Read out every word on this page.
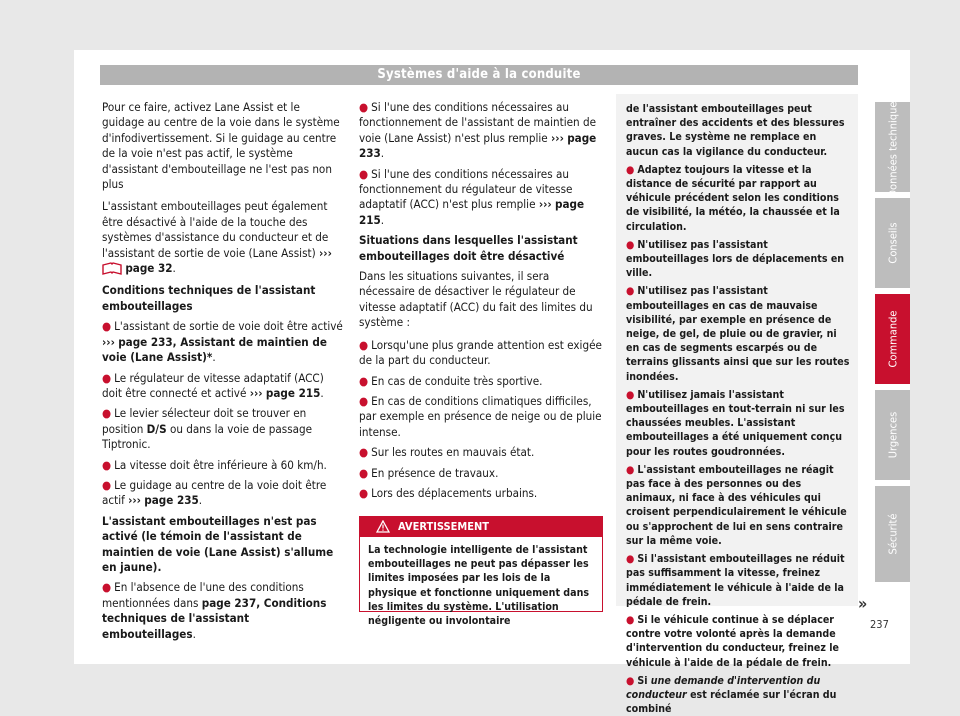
Systèmes d'aide à la conduite

Pour ce faire, activez Lane Assist et le guidage au centre de la voie dans le système d'infodivertissement. Si le guidage au centre de la voie n'est pas actif, le système d'assistant d'embouteillage ne l'est pas non plus

L'assistant embouteillages peut également être désactivé à l'aide de la touche des systèmes d'assistance du conducteur et de l'assistant de sortie de voie (Lane Assist) ›››  page 32.

Conditions techniques de l'assistant embouteillages
● L'assistant de sortie de voie doit être activé ››› page 233, Assistant de maintien de voie (Lane Assist)*.
● Le régulateur de vitesse adaptatif (ACC) doit être connecté et activé ››› page 215.
● Le levier sélecteur doit se trouver en position D/S ou dans la voie de passage Tiptronic.
● La vitesse doit être inférieure à 60 km/h.
● Le guidage au centre de la voie doit être actif ››› page 235.
L'assistant embouteillages n'est pas activé (le témoin de l'assistant de maintien de voie (Lane Assist) s'allume en jaune).
● En l'absence de l'une des conditions mentionnées dans page 237, Conditions techniques de l'assistant embouteillages.
● Si l'une des conditions nécessaires au fonctionnement de l'assistant de maintien de voie (Lane Assist) n'est plus remplie ››› page 233.
● Si l'une des conditions nécessaires au fonctionnement du régulateur de vitesse adaptatif (ACC) n'est plus remplie ››› page 215.
Situations dans lesquelles l'assistant embouteillages doit être désactivé

Dans les situations suivantes, il sera nécessaire de désactiver le régulateur de vitesse adaptatif (ACC) du fait des limites du système :

● Lorsqu'une plus grande attention est exigée de la part du conducteur.
● En cas de conduite très sportive.
● En cas de conditions climatiques difficiles, par exemple en présence de neige ou de pluie intense.
● Sur les routes en mauvais état.
● En présence de travaux.
● Lors des déplacements urbains.
AVERTISSEMENT
La technologie intelligente de l'assistant embouteillages ne peut pas dépasser les limites imposées par les lois de la physique et fonctionne uniquement dans les limites du système. L'utilisation négligente ou involontaire
de l'assistant embouteillages peut entraîner des accidents et des blessures graves. Le système ne remplace en aucun cas la vigilance du conducteur.
● Adaptez toujours la vitesse et la distance de sécurité par rapport au véhicule précédent selon les conditions de visibilité, la météo, la chaussée et la circulation.
● N'utilisez pas l'assistant embouteillages lors de déplacements en ville.
● N'utilisez pas l'assistant embouteillages en cas de mauvaise visibilité, par exemple en présence de neige, de gel, de pluie ou de gravier, ni en cas de segments escarpés ou de terrains glissants ainsi que sur les routes inondées.
● N'utilisez jamais l'assistant embouteillages en tout-terrain ni sur les chaussées meubles. L'assistant embouteillages a été uniquement conçu pour les routes goudronnées.
● L'assistant embouteillages ne réagit pas face à des personnes ou des animaux, ni face à des véhicules qui croisent perpendiculairement le véhicule ou s'approchent de lui en sens contraire sur la même voie.
● Si l'assistant embouteillages ne réduit pas suffisamment la vitesse, freinez immédiatement le véhicule à l'aide de la pédale de frein.
● Si le véhicule continue à se déplacer contre votre volonté après la demande d'intervention du conducteur, freinez le véhicule à l'aide de la pédale de frein.
● Si une demande d'intervention du conducteur est réclamée sur l'écran du combiné
»
237
Données techniques
Conseils
Commande
Urgences
Sécurité
